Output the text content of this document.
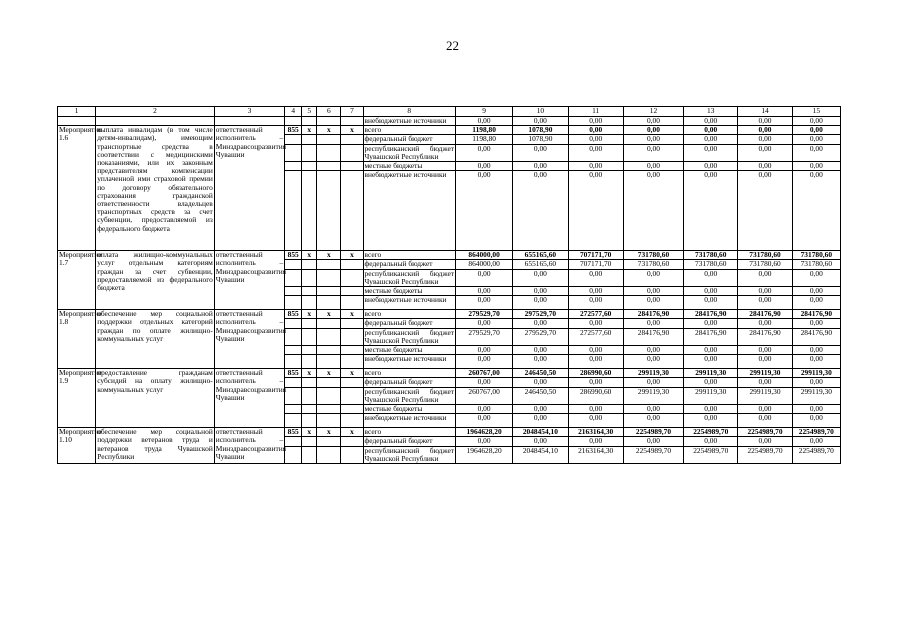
22
1	2	3	4	5	6	7	8	9	10	11	12	13	14	15
							внебюджетные источники	0,00	0,00	0,00	0,00	0,00	0,00	0,00
Мероприятие 1.6	выплата инвалидам (в том числе детям-инвалидам), имеющим транспортные средства в соответствии с медицинскими показаниями, или их законным представителям компенсации уплаченной ими страховой премии по договору обязательного страхования гражданской ответственности владельцев транспортных средств за счет субвенции, предоставляемой из федерального бюджета	ответственный исполнитель – Минздравсоцразвития Чувашии	855	x	x	x	всего	1198,80	1078,90	0,00	0,00	0,00	0,00	0,00
							федеральный бюджет	1198,80	1078,90	0,00	0,00	0,00	0,00	0,00
							республиканский бюджет Чувашской Республики	0,00	0,00	0,00	0,00	0,00	0,00	0,00
							местные бюджеты	0,00	0,00	0,00	0,00	0,00	0,00	0,00
							внебюджетные источники	0,00	0,00	0,00	0,00	0,00	0,00	0,00
Мероприятие 1.7	оплата жилищно-коммунальных услуг отдельным категориям граждан за счет субвенции, предоставляемой из федерального бюджета	ответственный исполнитель – Минздравсоцразвития Чувашии	855	x	x	x	всего	864000,00	655165,60	707171,70	731780,60	731780,60	731780,60	731780,60
							федеральный бюджет	864000,00	655165,60	707171,70	731780,60	731780,60	731780,60	731780,60
							республиканский бюджет Чувашской Республики	0,00	0,00	0,00	0,00	0,00	0,00	0,00
							местные бюджеты	0,00	0,00	0,00	0,00	0,00	0,00	0,00
							внебюджетные источники	0,00	0,00	0,00	0,00	0,00	0,00	0,00
Мероприятие 1.8	обеспечение мер социальной поддержки отдельных категорий граждан по оплате жилищно-коммунальных услуг	ответственный исполнитель – Минздравсоцразвития Чувашии	855	x	x	x	всего	279529,70	297529,70	272577,60	284176,90	284176,90	284176,90	284176,90
							федеральный бюджет	0,00	0,00	0,00	0,00	0,00	0,00	0,00
							республиканский бюджет Чувашской Республики	279529,70	279529,70	272577,60	284176,90	284176,90	284176,90	284176,90
							местные бюджеты	0,00	0,00	0,00	0,00	0,00	0,00	0,00
							внебюджетные источники	0,00	0,00	0,00	0,00	0,00	0,00	0,00
Мероприятие 1.9	предоставление гражданам субсидий на оплату жилищно-коммунальных услуг	ответственный исполнитель – Минздравсоцразвития Чувашии	855	x	x	x	всего	260767,00	246450,50	286990,60	299119,30	299119,30	299119,30	299119,30
							федеральный бюджет	0,00	0,00	0,00	0,00	0,00	0,00	0,00
							республиканский бюджет Чувашской Республики	260767,00	246450,50	286990,60	299119,30	299119,30	299119,30	299119,30
							местные бюджеты	0,00	0,00	0,00	0,00	0,00	0,00	0,00
							внебюджетные источники	0,00	0,00	0,00	0,00	0,00	0,00	0,00
Мероприятие 1.10	обеспечение мер социальной поддержки ветеранов труда и ветеранов труда Чувашской Республики	ответственный исполнитель – Минздравсоцразвития Чувашии	855	x	x	x	всего	1964628,20	2048454,10	2163164,30	2254989,70	2254989,70	2254989,70	2254989,70
							федеральный бюджет	0,00	0,00	0,00	0,00	0,00	0,00	0,00
							республиканский бюджет Чувашской Республики	1964628,20	2048454,10	2163164,30	2254989,70	2254989,70	2254989,70	2254989,70
